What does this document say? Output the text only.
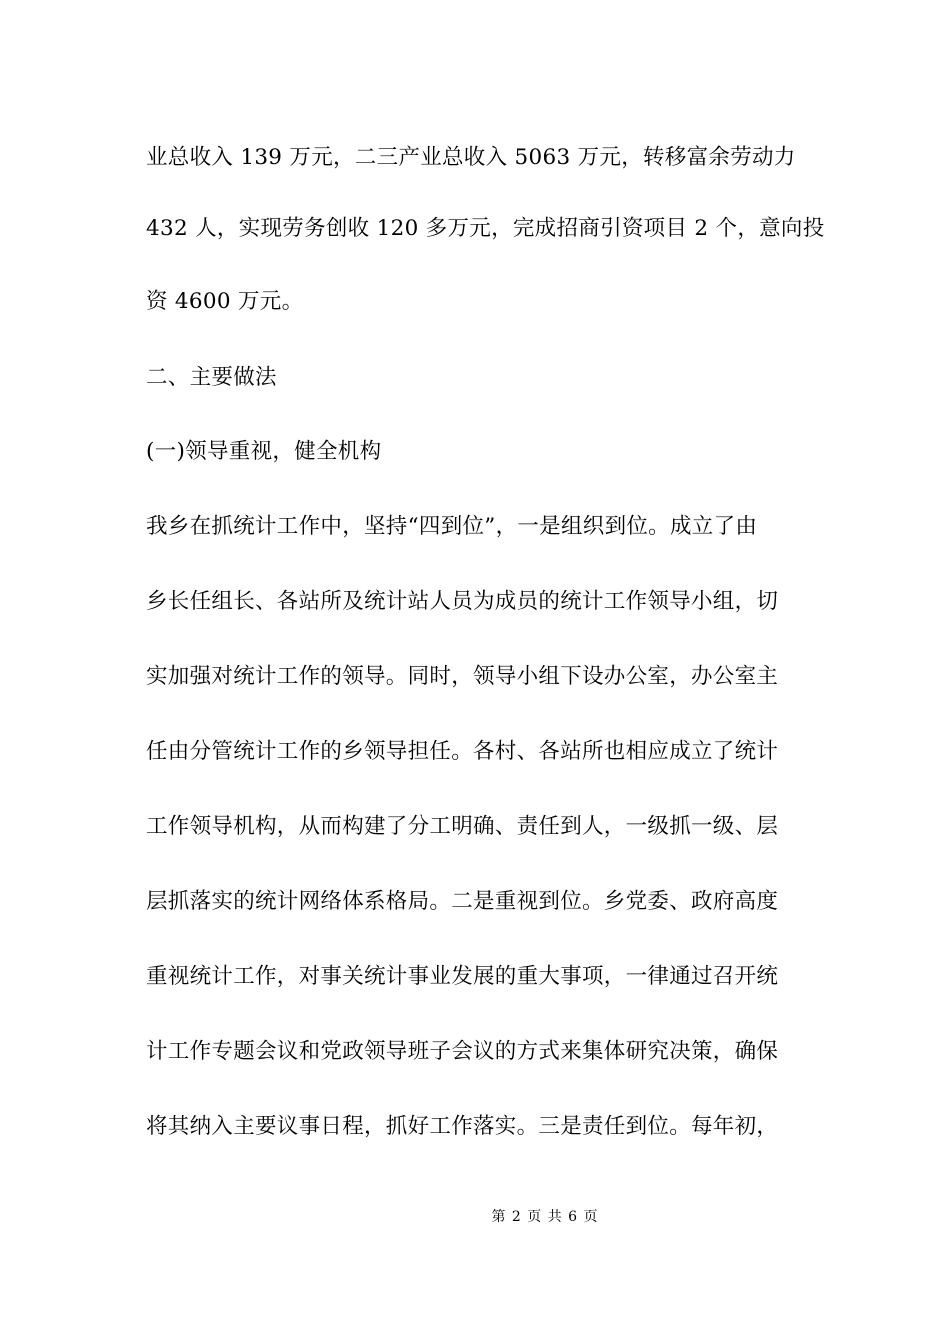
业总收入 139 万元，二三产业总收入 5063 万元，转移富余劳动力
432 人，实现劳务创收 120 多万元，完成招商引资项目 2 个，意向投
资 4600 万元。
二、主要做法
(一)领导重视，健全机构
我乡在抓统计工作中，坚持“四到位”，一是组织到位。成立了由
乡长任组长、各站所及统计站人员为成员的统计工作领导小组，切
实加强对统计工作的领导。同时，领导小组下设办公室，办公室主
任由分管统计工作的乡领导担任。各村、各站所也相应成立了统计
工作领导机构，从而构建了分工明确、责任到人，一级抓一级、层
层抓落实的统计网络体系格局。二是重视到位。乡党委、政府高度
重视统计工作，对事关统计事业发展的重大事项，一律通过召开统
计工作专题会议和党政领导班子会议的方式来集体研究决策，确保
将其纳入主要议事日程，抓好工作落实。三是责任到位。每年初，
第 2 页 共 6 页
